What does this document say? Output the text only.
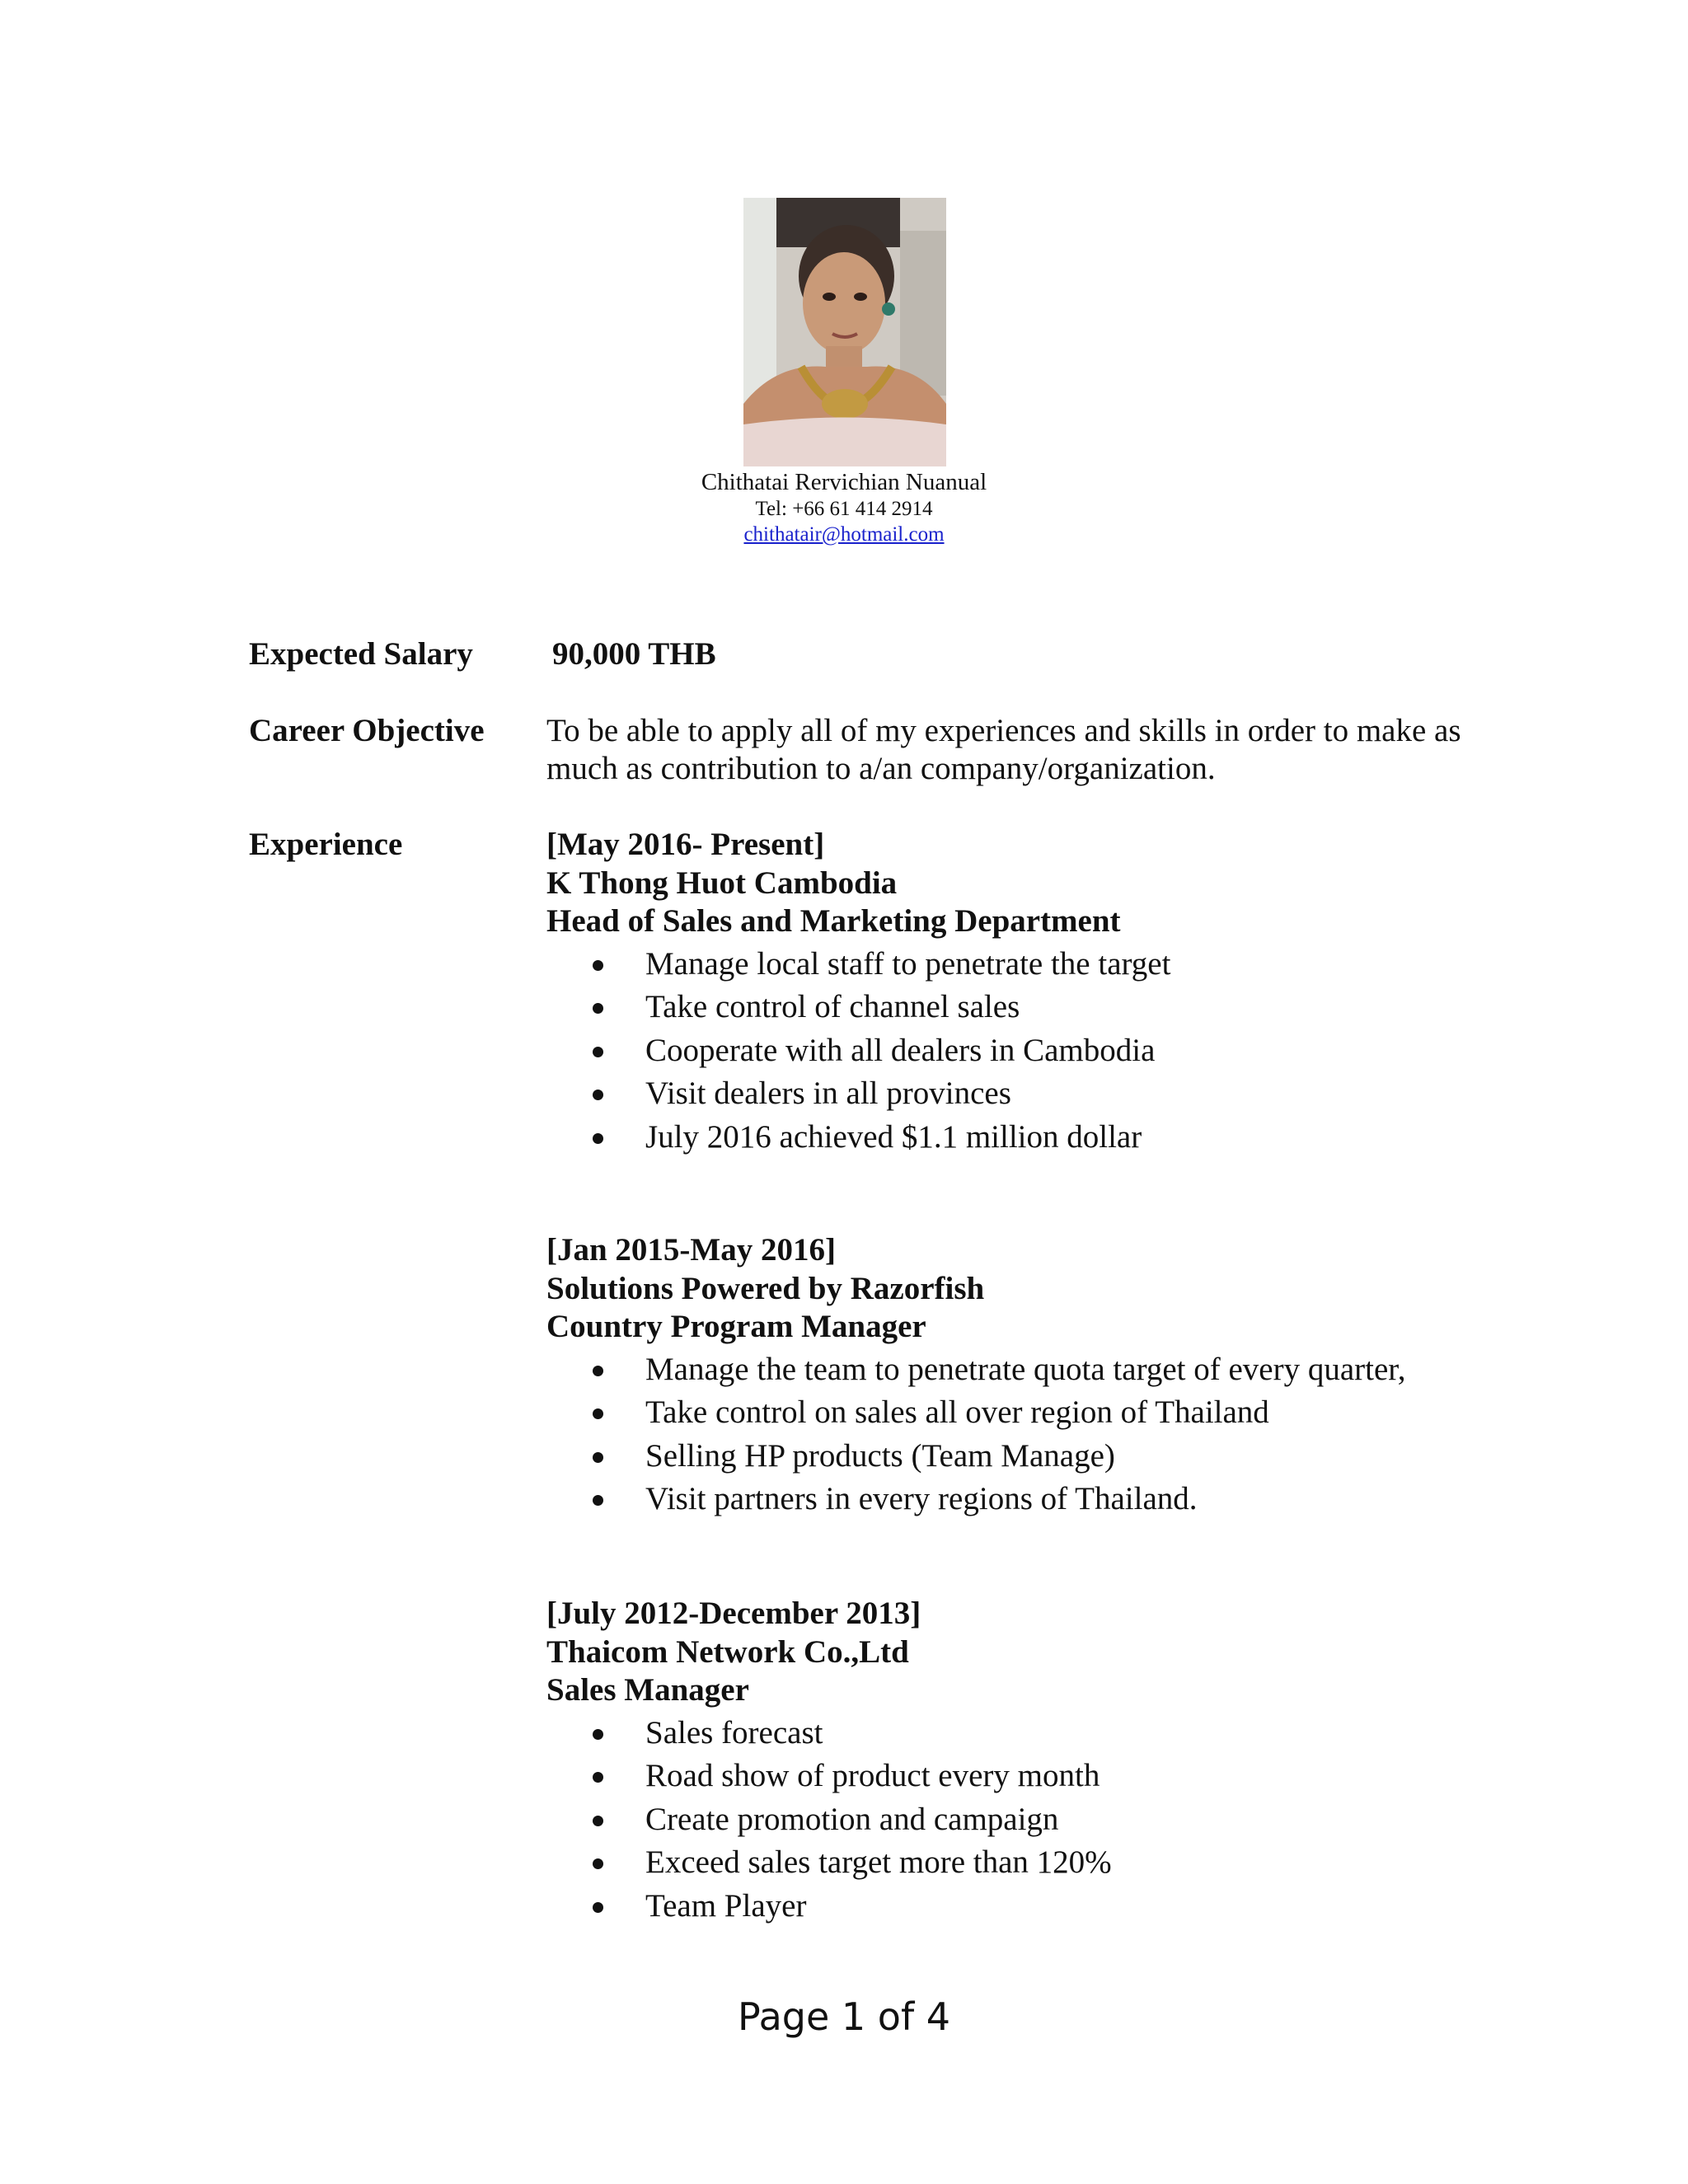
Chithatai Rervichian Nuanual
Tel: +66 61 414 2914
chithatair@hotmail.com
Expected Salary 90,000 THB
Career Objective To be able to apply all of my experiences and skills in order to make as much as contribution to a/an company/organization.
Experience	[May 2016- Present]
K Thong Huot Cambodia
Head of Sales and Marketing Department
Manage local staff to penetrate the target
Take control of channel sales
Cooperate with all dealers in Cambodia
Visit dealers in all provinces
July 2016 achieved $1.1 million dollar
[Jan 2015-May 2016]
Solutions Powered by Razorfish
Country Program Manager
Manage the team to penetrate quota target of every quarter,
Take control on sales all over region of Thailand
Selling HP products (Team Manage)
Visit partners in every regions of Thailand.
[July 2012-December 2013]
Thaicom Network Co.,Ltd
Sales Manager
Sales forecast
Road show of product every month
Create promotion and campaign
Exceed sales target more than 120%
Team Player
Page 1 of 4
